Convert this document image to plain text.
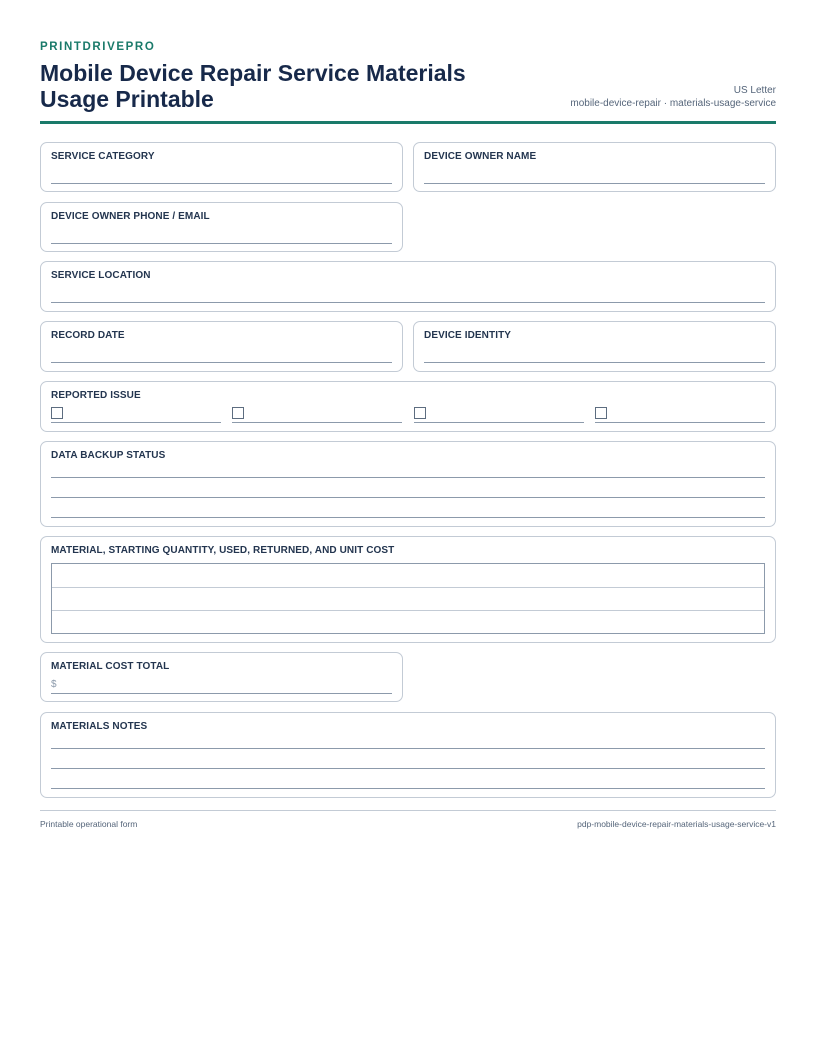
PRINTDRIVEPRO
Mobile Device Repair Service Materials Usage Printable	US Letter
mobile-device-repair · materials-usage-service
SERVICE CATEGORY	DEVICE OWNER NAME
DEVICE OWNER PHONE / EMAIL
SERVICE LOCATION
RECORD DATE	DEVICE IDENTITY
REPORTED ISSUE
DATA BACKUP STATUS
MATERIAL, STARTING QUANTITY, USED, RETURNED, AND UNIT COST
MATERIAL COST TOTAL
$
MATERIALS NOTES
Printable operational form	pdp-mobile-device-repair-materials-usage-service-v1
